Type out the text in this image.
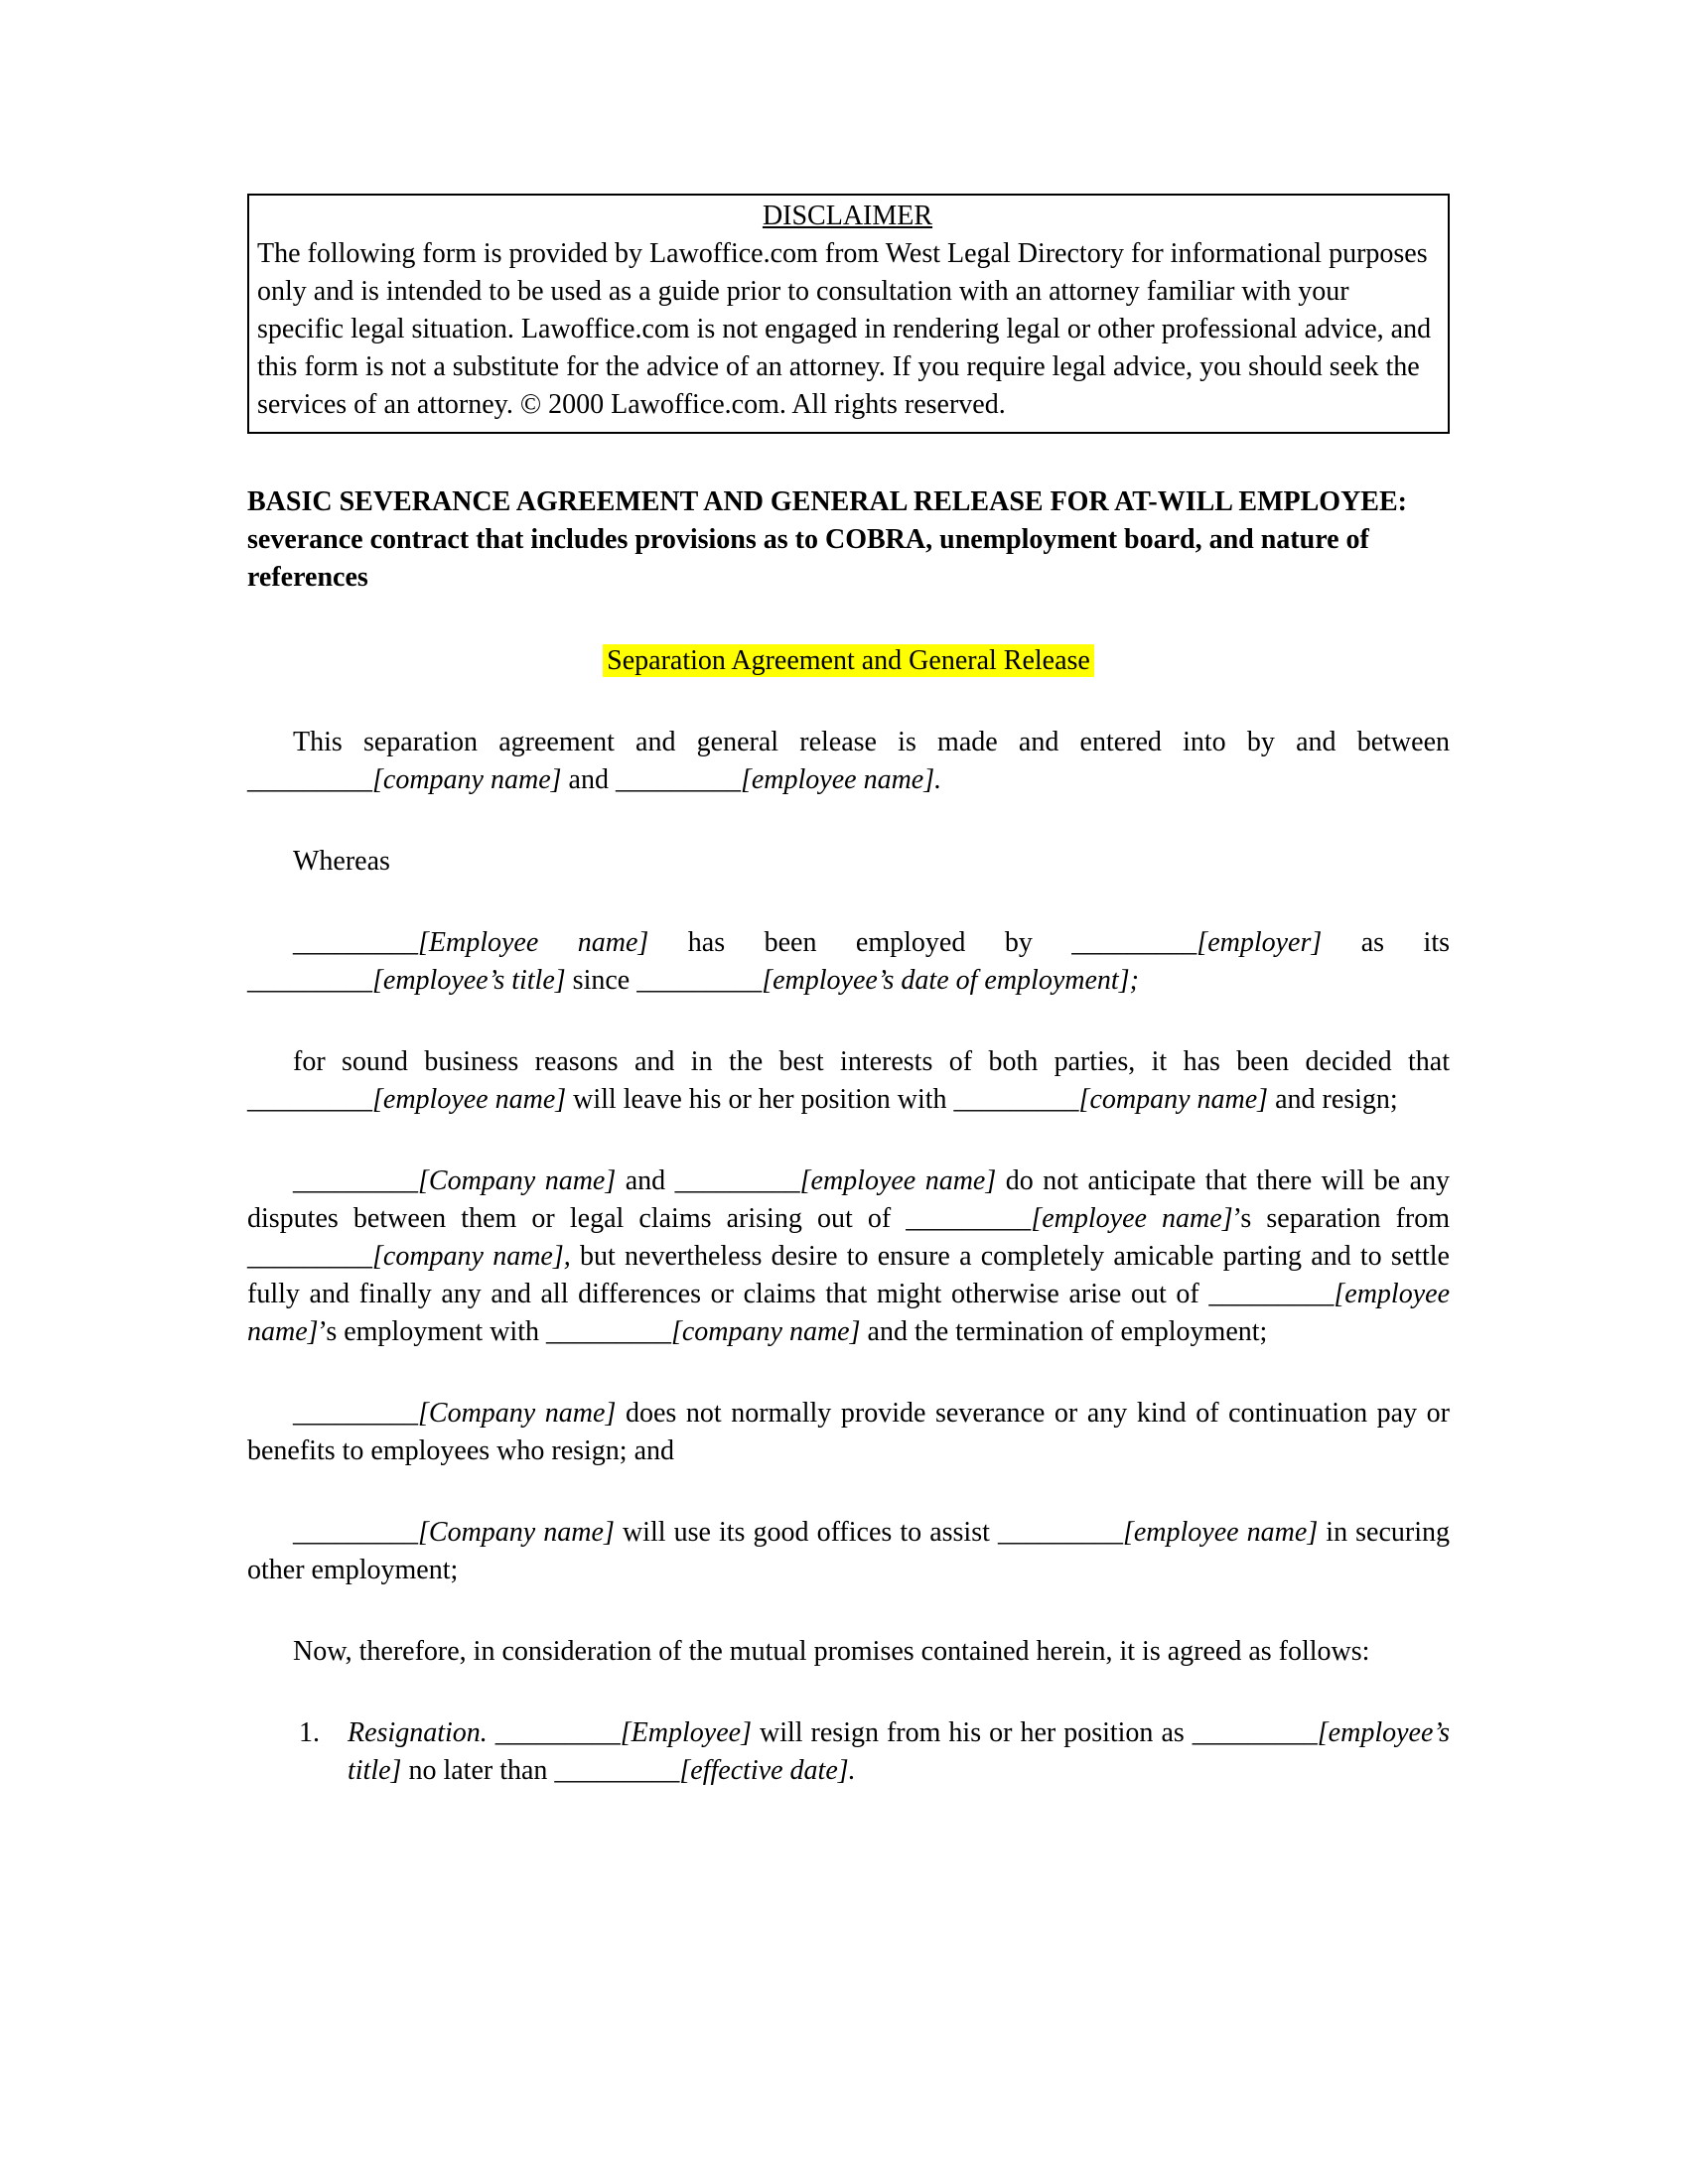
DISCLAIMER
The following form is provided by Lawoffice.com from West Legal Directory for informational purposes only and is intended to be used as a guide prior to consultation with an attorney familiar with your specific legal situation. Lawoffice.com is not engaged in rendering legal or other professional advice, and this form is not a substitute for the advice of an attorney. If you require legal advice, you should seek the services of an attorney. © 2000 Lawoffice.com. All rights reserved.

BASIC SEVERANCE AGREEMENT AND GENERAL RELEASE FOR AT-WILL EMPLOYEE: severance contract that includes provisions as to COBRA, unemployment board, and nature of references

Separation Agreement and General Release

This separation agreement and general release is made and entered into by and between _________[company name] and _________[employee name].

Whereas

_________[Employee name] has been employed by _________[employer] as its _________[employee’s title] since _________[employee’s date of employment];

for sound business reasons and in the best interests of both parties, it has been decided that _________[employee name] will leave his or her position with _________[company name] and resign;

_________[Company name] and _________[employee name] do not anticipate that there will be any disputes between them or legal claims arising out of _________[employee name]’s separation from _________[company name], but nevertheless desire to ensure a completely amicable parting and to settle fully and finally any and all differences or claims that might otherwise arise out of _________[employee name]’s employment with _________[company name] and the termination of employment;

_________[Company name] does not normally provide severance or any kind of continuation pay or benefits to employees who resign; and

_________[Company name] will use its good offices to assist _________[employee name] in securing other employment;

Now, therefore, in consideration of the mutual promises contained herein, it is agreed as follows:

1. Resignation. _________[Employee] will resign from his or her position as _________[employee’s title] no later than _________[effective date].
